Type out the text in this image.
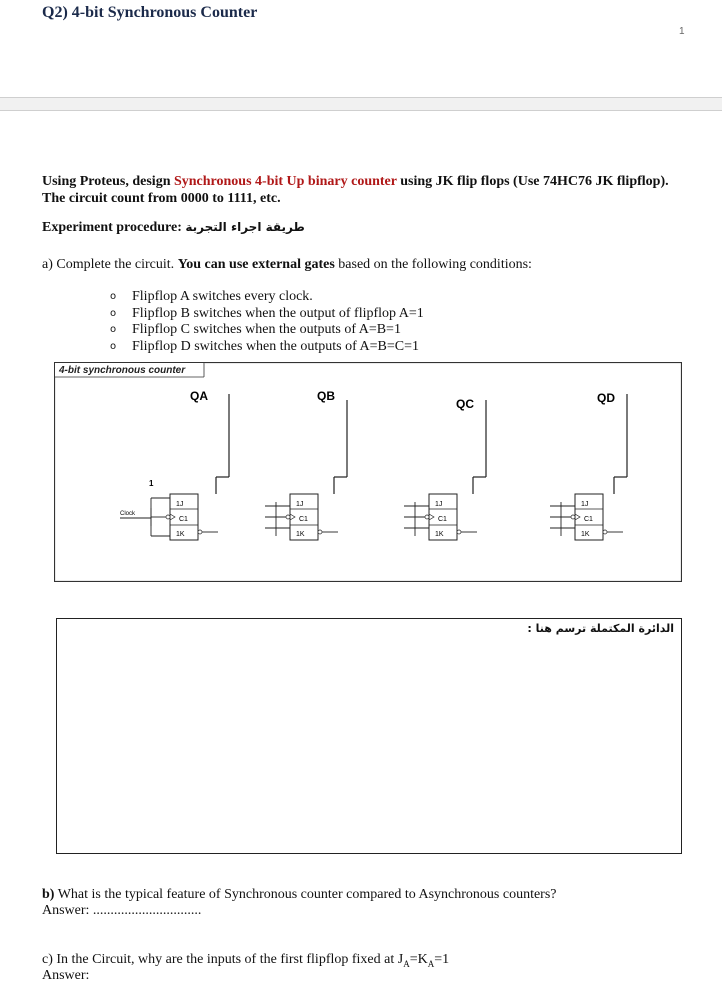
Q2) 4-bit Synchronous Counter
1
Using Proteus, design Synchronous 4-bit Up binary counter using JK flip flops (Use 74HC76 JK flipflop). The circuit count from 0000 to 1111, etc.
Experiment procedure: طريقة اجراء التجربة
a) Complete the circuit. You can use external gates based on the following conditions:
o Flipflop A switches every clock.
o Flipflop B switches when the output of flipflop A=1
o Flipflop C switches when the outputs of A=B=1
o Flipflop D switches when the outputs of A=B=C=1
4-bit synchronous counter
QA
1J
C1
1K
1
Clock
QB
1J
C1
1K
QC
1J
C1
1K
QD
1J
C1
1K
الدائرة المكتملة ترسم هنا :
b) What is the typical feature of Synchronous counter compared to Asynchronous counters?
Answer: ...............................
c) In the Circuit, why are the inputs of the first flipflop fixed at $J_A=K_A=1$
Answer:
